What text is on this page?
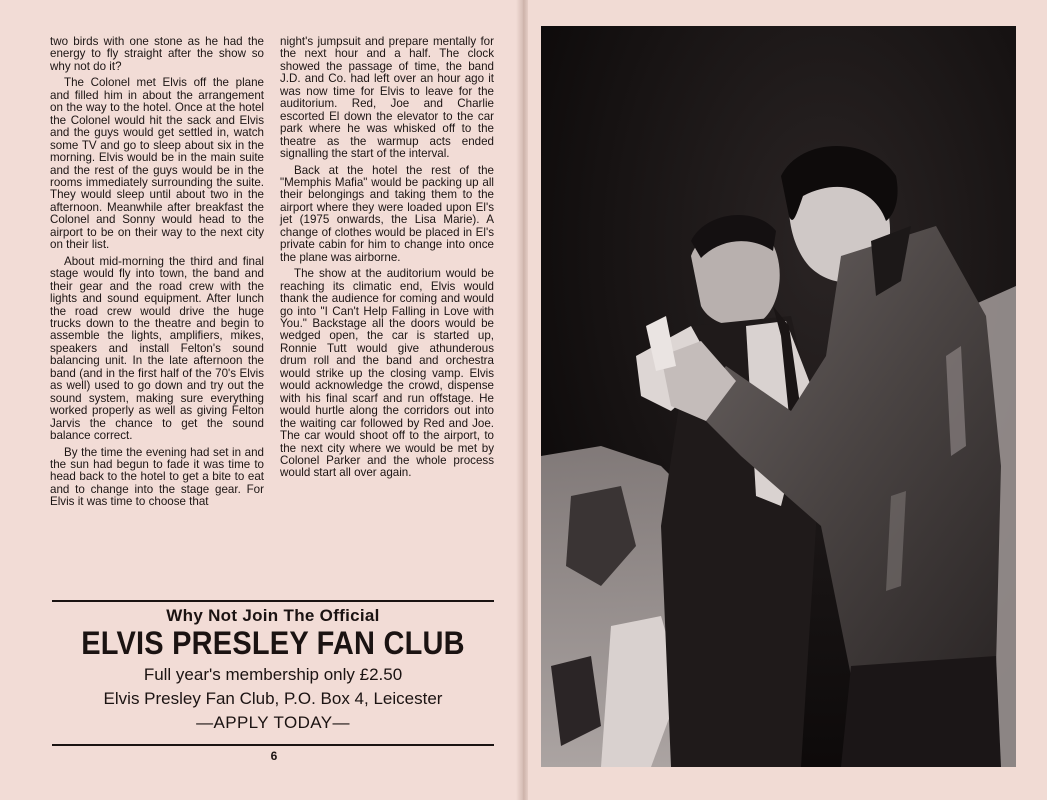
two birds with one stone as he had the energy to fly straight after the show so why not do it?

The Colonel met Elvis off the plane and filled him in about the arrangement on the way to the hotel. Once at the hotel the Colonel would hit the sack and Elvis and the guys would get settled in, watch some TV and go to sleep about six in the morning. Elvis would be in the main suite and the rest of the guys would be in the rooms immediately surrounding the suite. They would sleep until about two in the afternoon. Meanwhile after breakfast the Colonel and Sonny would head to the airport to be on their way to the next city on their list.

About mid-morning the third and final stage would fly into town, the band and their gear and the road crew with the lights and sound equipment. After lunch the road crew would drive the huge trucks down to the theatre and begin to assemble the lights, amplifiers, mikes, speakers and install Felton's sound balancing unit. In the late afternoon the band (and in the first half of the 70's Elvis as well) used to go down and try out the sound system, making sure everything worked properly as well as giving Felton Jarvis the chance to get the sound balance correct.

By the time the evening had set in and the sun had begun to fade it was time to head back to the hotel to get a bite to eat and to change into the stage gear. For Elvis it was time to choose that

night's jumpsuit and prepare mentally for the next hour and a half. The clock showed the passage of time, the band J.D. and Co. had left over an hour ago it was now time for Elvis to leave for the auditorium. Red, Joe and Charlie escorted El down the elevator to the car park where he was whisked off to the theatre as the warmup acts ended signalling the start of the interval.

Back at the hotel the rest of the "Memphis Mafia" would be packing up all their belongings and taking them to the airport where they were loaded upon El's jet (1975 onwards, the Lisa Marie). A change of clothes would be placed in El's private cabin for him to change into once the plane was airborne.

The show at the auditorium would be reaching its climatic end, Elvis would thank the audience for coming and would go into "I Can't Help Falling in Love with You." Backstage all the doors would be wedged open, the car is started up, Ronnie Tutt would give athunderous drum roll and the band and orchestra would strike up the closing vamp. Elvis would acknowledge the crowd, dispense with his final scarf and run offstage. He would hurtle along the corridors out into the waiting car followed by Red and Joe. The car would shoot off to the airport, to the next city where we would be met by Colonel Parker and the whole process would start all over again.

Why Not Join The Official
ELVIS PRESLEY FAN CLUB
Full year's membership only £2.50
Elvis Presley Fan Club, P.O. Box 4, Leicester
—APPLY TODAY—
6
